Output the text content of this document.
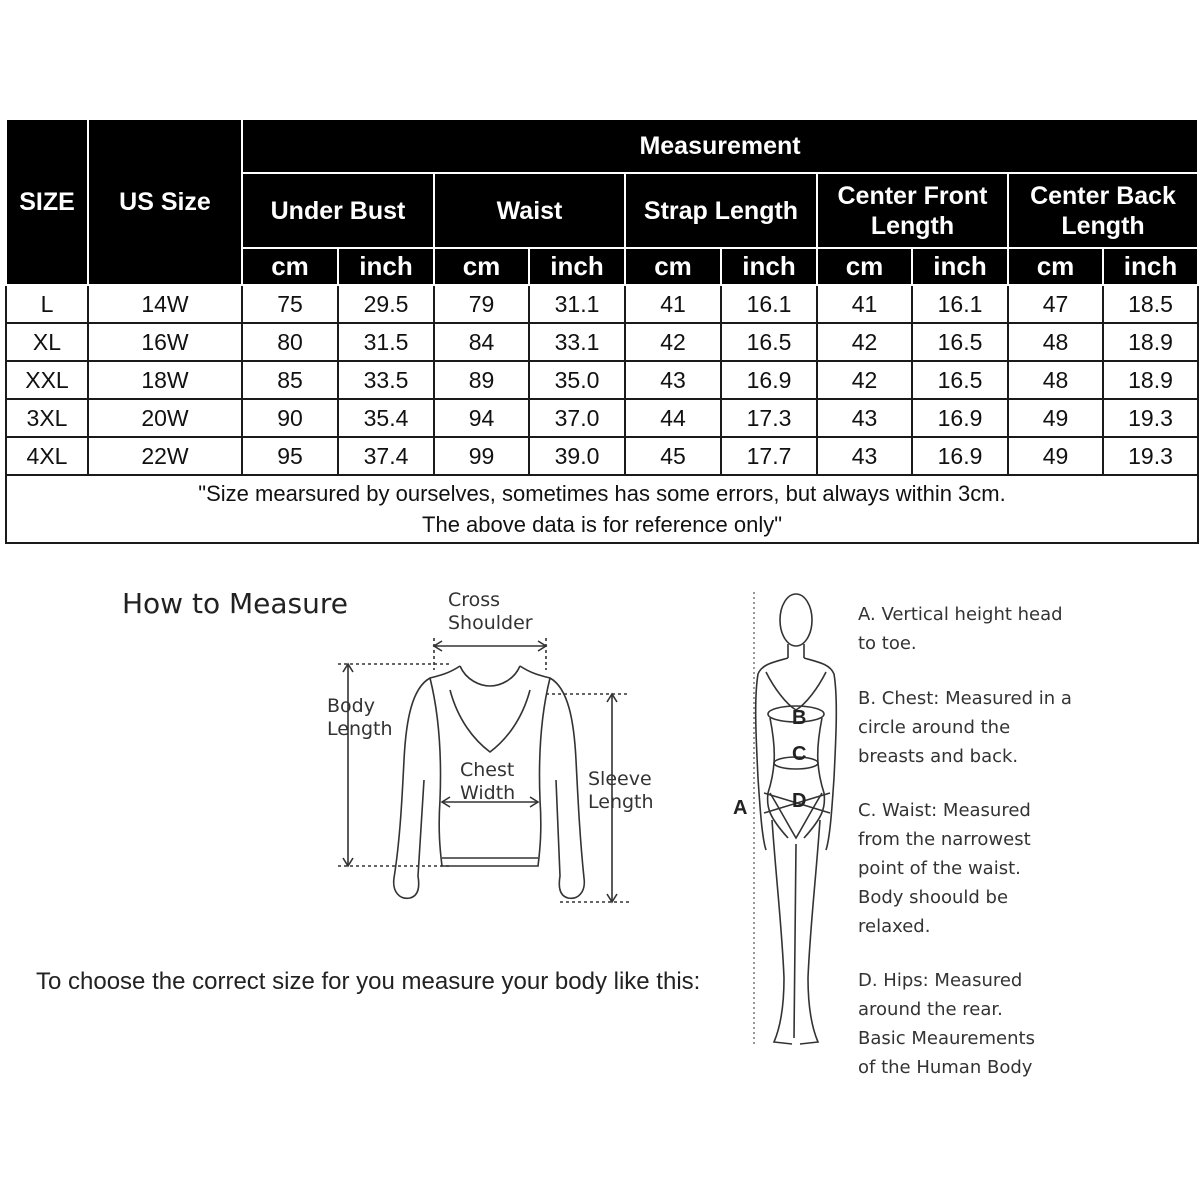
SIZE	US Size	Measurement									
		Under Bust		Waist		Strap Length		Center Front Length		Center Back Length	
		cm	inch	cm	inch	cm	inch	cm	inch	cm	inch
L	14W	75	29.5	79	31.1	41	16.1	41	16.1	47	18.5
XL	16W	80	31.5	84	33.1	42	16.5	42	16.5	48	18.9
XXL	18W	85	33.5	89	35.0	43	16.9	42	16.5	48	18.9
3XL	20W	90	35.4	94	37.0	44	17.3	43	16.9	49	19.3
4XL	22W	95	37.4	99	39.0	45	17.7	43	16.9	49	19.3

"Size mearsured by ourselves, sometimes has some errors, but always within 3cm.
The above data is for reference only"											
How to Measure	Cross
Shoulder
Body
Length
Chest
Width
Sleeve
Length
To choose the correct size for you measure your body like this:
B
C
D
A
A. Vertical height head
to toe.
B. Chest: Measured in a
circle around the
breasts and back.
C. Waist: Measured
from the narrowest
point of the waist.
Body shoould be
relaxed.
D. Hips: Measured
around the rear.
Basic Meaurements
of the Human Body
